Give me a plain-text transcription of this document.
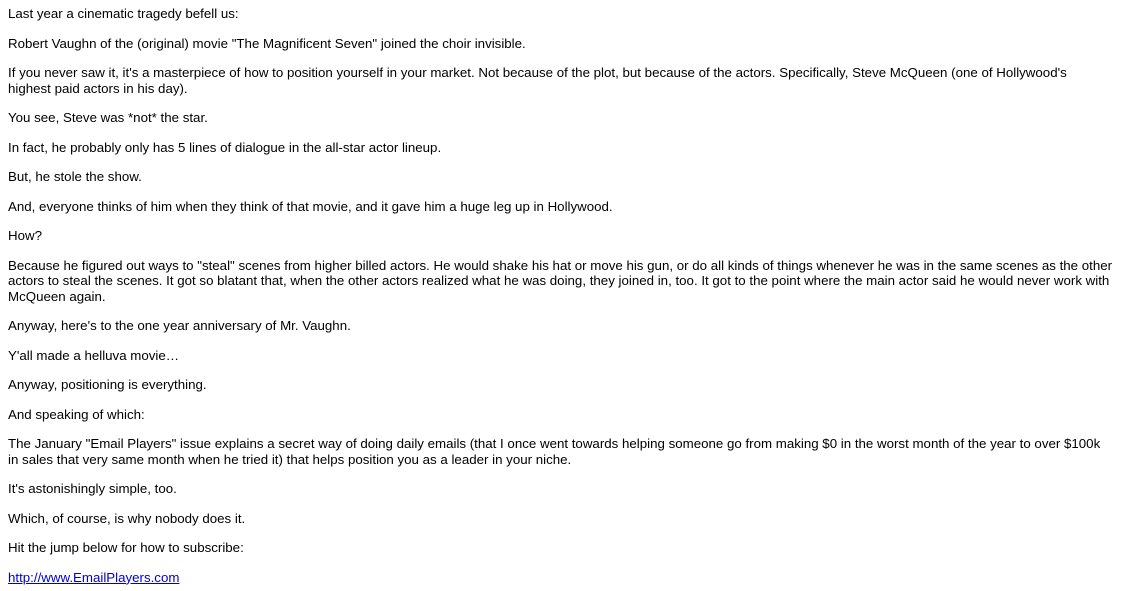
Last year a cinematic tragedy befell us:

Robert Vaughn of the (original) movie "The Magnificent Seven" joined the choir invisible.

If you never saw it, it's a masterpiece of how to position yourself in your market. Not because of the plot, but because of the actors. Specifically, Steve McQueen (one of Hollywood's highest paid actors in his day).

You see, Steve was *not* the star.

In fact, he probably only has 5 lines of dialogue in the all-star actor lineup.

But, he stole the show.

And, everyone thinks of him when they think of that movie, and it gave him a huge leg up in Hollywood.

How?

Because he figured out ways to "steal" scenes from higher billed actors. He would shake his hat or move his gun, or do all kinds of things whenever he was in the same scenes as the other actors to steal the scenes. It got so blatant that, when the other actors realized what he was doing, they joined in, too. It got to the point where the main actor said he would never work with McQueen again.

Anyway, here's to the one year anniversary of Mr. Vaughn.

Y'all made a helluva movie…

Anyway, positioning is everything.

And speaking of which:

The January "Email Players" issue explains a secret way of doing daily emails (that I once went towards helping someone go from making $0 in the worst month of the year to over $100k in sales that very same month when he tried it) that helps position you as a leader in your niche.

It's astonishingly simple, too.

Which, of course, is why nobody does it.

Hit the jump below for how to subscribe:

http://www.EmailPlayers.com
